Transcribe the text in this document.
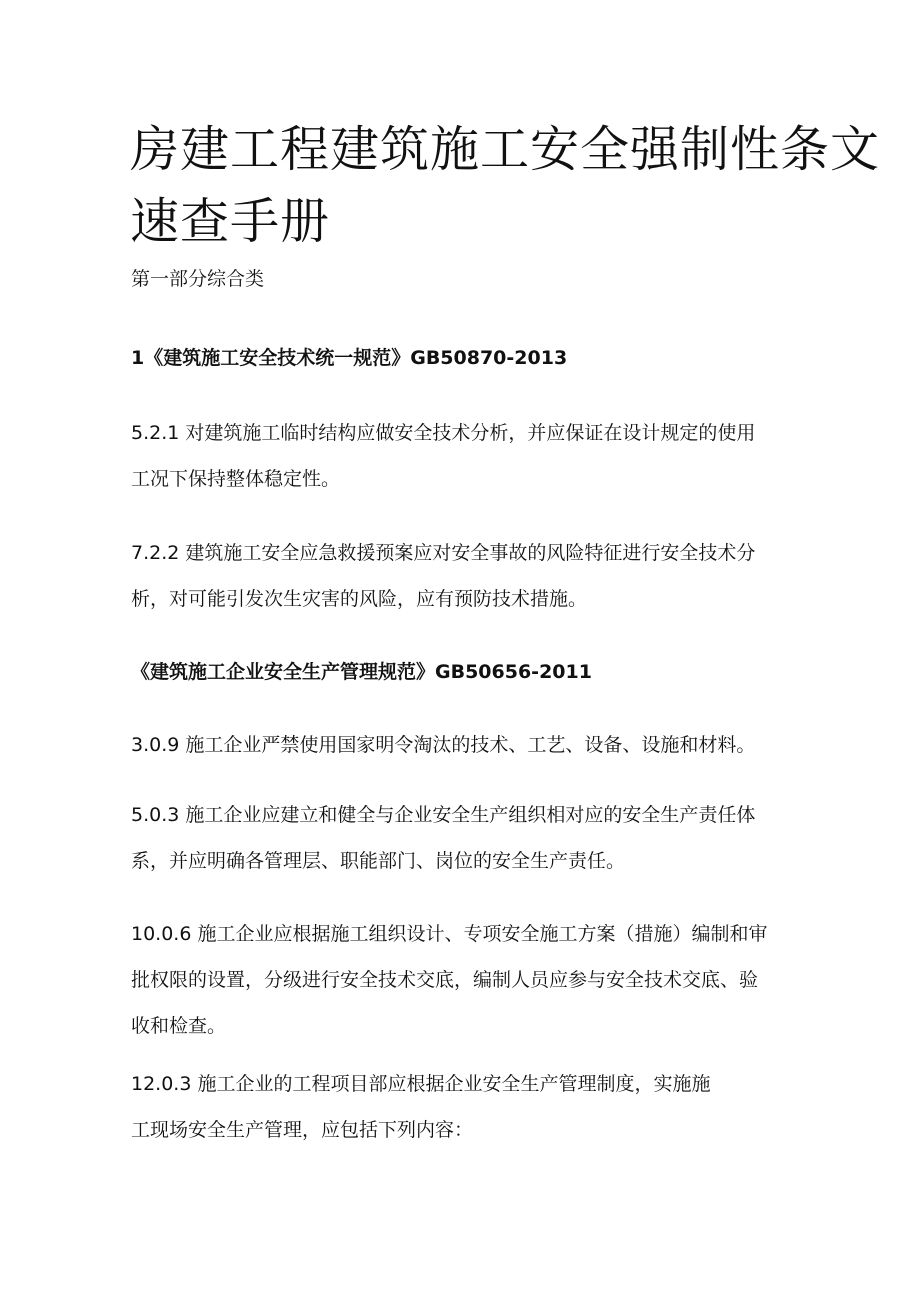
房建工程建筑施工安全强制性条文
速查手册

第一部分综合类

1《建筑施工安全技术统一规范》GB50870-2013

5.2.1 对建筑施工临时结构应做安全技术分析，并应保证在设计规定的使用
工况下保持整体稳定性。

7.2.2 建筑施工安全应急救援预案应对安全事故的风险特征进行安全技术分
析，对可能引发次生灾害的风险，应有预防技术措施。

《建筑施工企业安全生产管理规范》GB50656-2011

3.0.9 施工企业严禁使用国家明令淘汰的技术、工艺、设备、设施和材料。

5.0.3 施工企业应建立和健全与企业安全生产组织相对应的安全生产责任体
系，并应明确各管理层、职能部门、岗位的安全生产责任。

10.0.6 施工企业应根据施工组织设计、专项安全施工方案（措施）编制和审
批权限的设置，分级进行安全技术交底，编制人员应参与安全技术交底、验
收和检查。

12.0.3 施工企业的工程项目部应根据企业安全生产管理制度，实施施
工现场安全生产管理，应包括下列内容：
